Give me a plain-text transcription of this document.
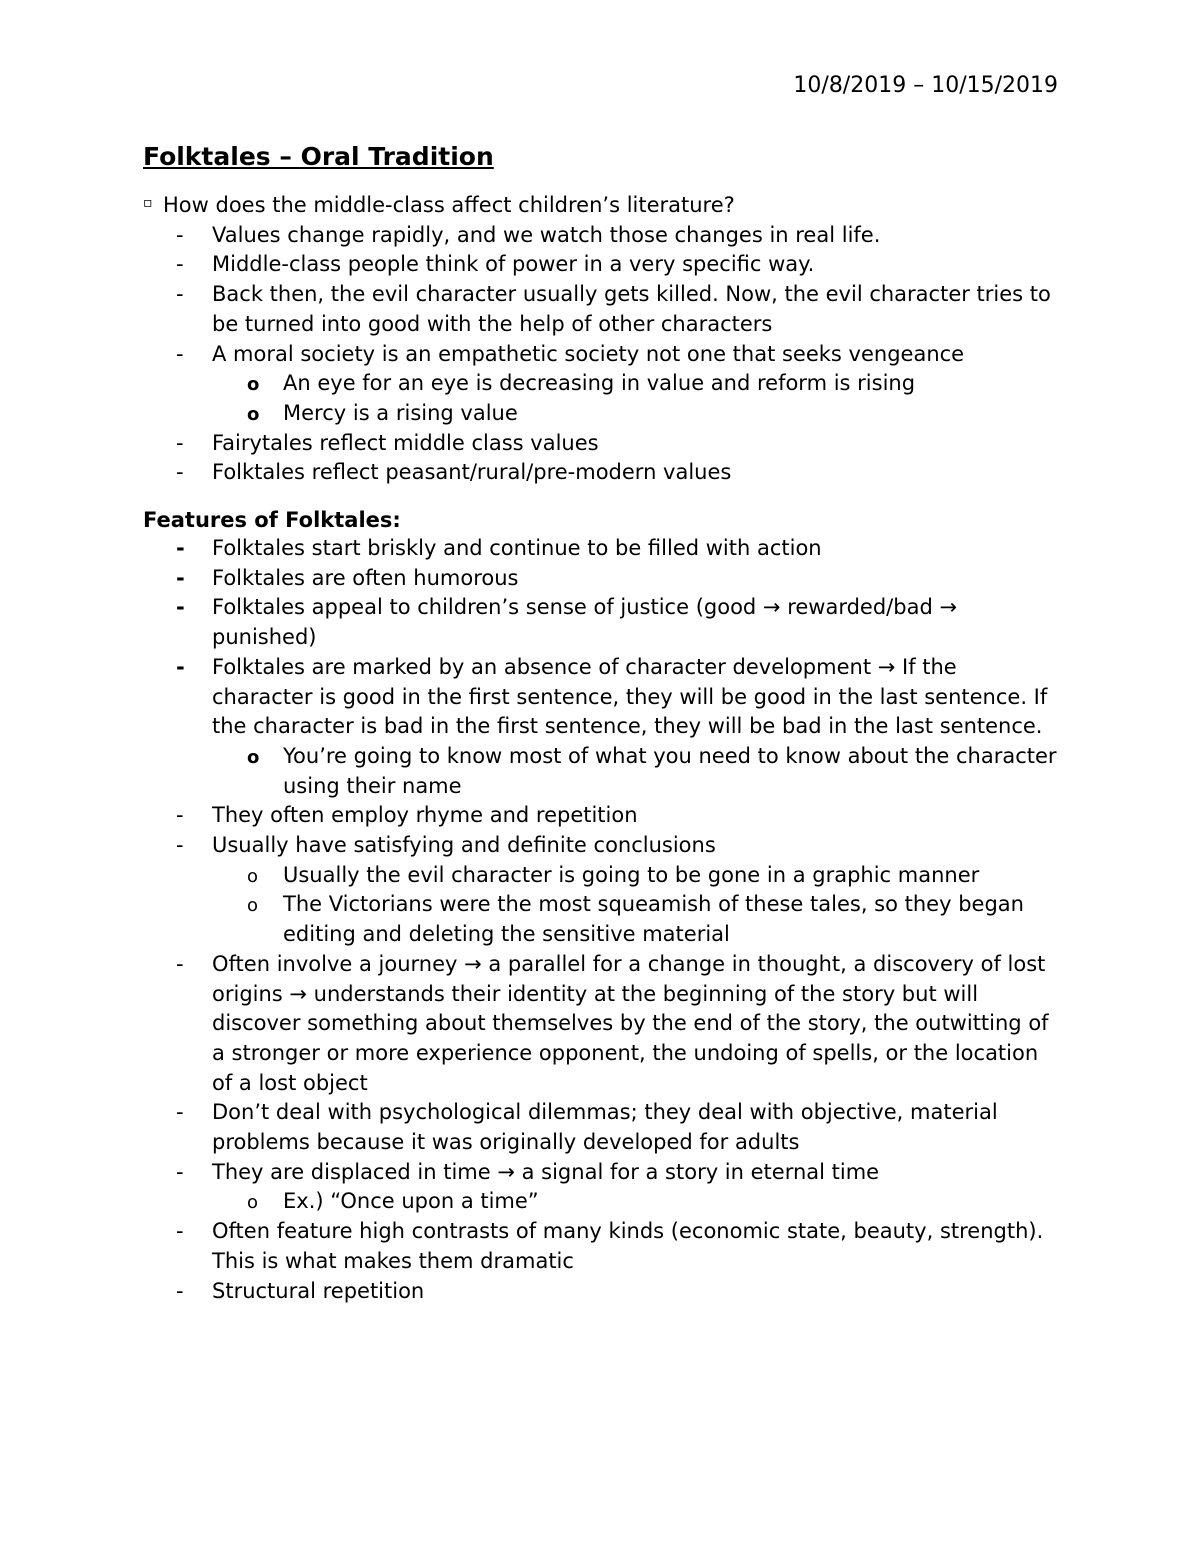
10/8/2019 – 10/15/2019
Folktales – Oral Tradition
▫ How does the middle-class affect children’s literature?
- Values change rapidly, and we watch those changes in real life.
- Middle-class people think of power in a very specific way.
- Back then, the evil character usually gets killed. Now, the evil character tries to be turned into good with the help of other characters
- A moral society is an empathetic society not one that seeks vengeance
o An eye for an eye is decreasing in value and reform is rising
o Mercy is a rising value
- Fairytales reflect middle class values
- Folktales reflect peasant/rural/pre-modern values
Features of Folktales:
- Folktales start briskly and continue to be filled with action
- Folktales are often humorous
- Folktales appeal to children’s sense of justice (good → rewarded/bad → punished)
- Folktales are marked by an absence of character development → If the character is good in the first sentence, they will be good in the last sentence. If the character is bad in the first sentence, they will be bad in the last sentence.
o You’re going to know most of what you need to know about the character using their name
- They often employ rhyme and repetition
- Usually have satisfying and definite conclusions
o Usually the evil character is going to be gone in a graphic manner
o The Victorians were the most squeamish of these tales, so they began editing and deleting the sensitive material
- Often involve a journey → a parallel for a change in thought, a discovery of lost origins → understands their identity at the beginning of the story but will discover something about themselves by the end of the story, the outwitting of a stronger or more experience opponent, the undoing of spells, or the location of a lost object
- Don’t deal with psychological dilemmas; they deal with objective, material problems because it was originally developed for adults
- They are displaced in time → a signal for a story in eternal time
o Ex.) “Once upon a time”
- Often feature high contrasts of many kinds (economic state, beauty, strength). This is what makes them dramatic
- Structural repetition
